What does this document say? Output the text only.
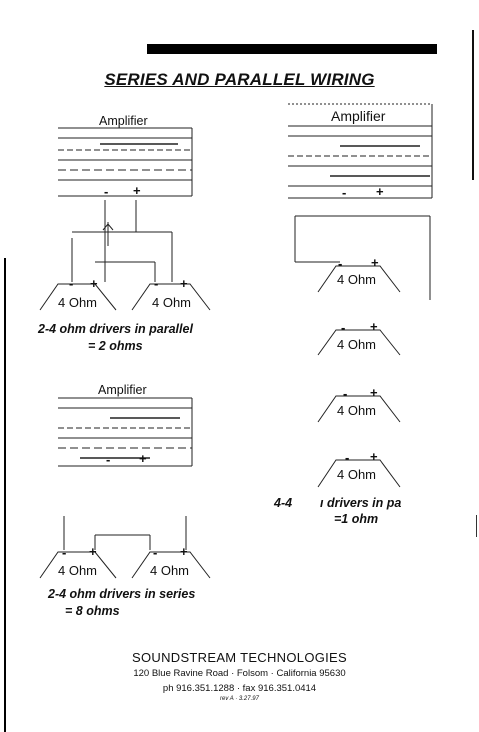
SERIES AND PARALLEL WIRING
Amplifier
- +
- +	- +
4 Ohm	4 Ohm
2-4 ohm drivers in parallel
= 2 ohms
Amplifier
- +
- +
4 Ohm
- +
4 Ohm
- +
4 Ohm
- +
4 Ohm
4-4 ı drivers in pa
=1 ohm
Amplifier
- +
- +	- +
4 Ohm	4 Ohm
2-4 ohm drivers in series
= 8 ohms
SOUNDSTREAM TECHNOLOGIES
120 Blue Ravine Road · Folsom · California 95630
ph 916.351.1288 · fax 916.351.0414
rev A · 3.27.97
